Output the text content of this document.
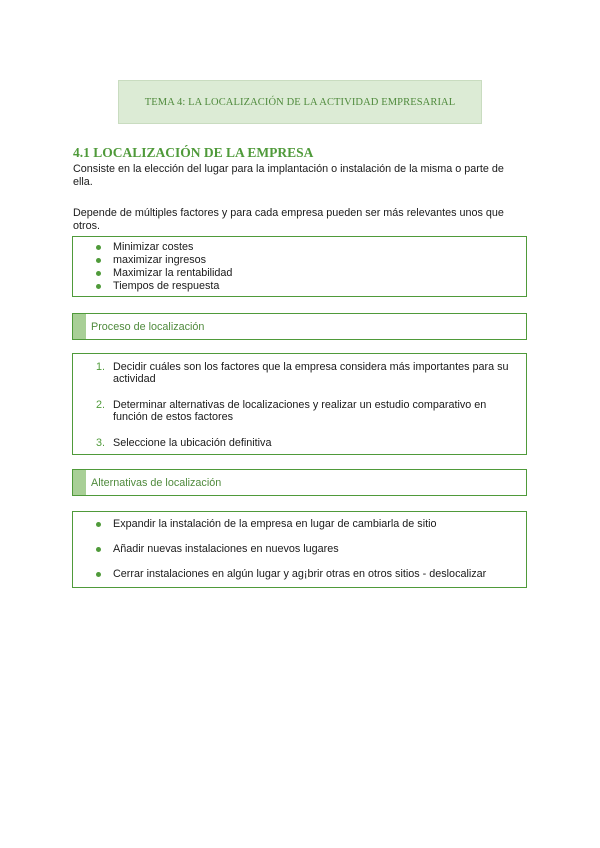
TEMA 4: LA LOCALIZACIÓN DE LA ACTIVIDAD EMPRESARIAL
4.1 LOCALIZACIÓN DE LA EMPRESA
Consiste en la elección del lugar para la implantación o instalación de la misma o parte de
ella.
Depende de múltiples factores y para cada empresa pueden ser más relevantes unos que
otros.
Minimizar costes
maximizar ingresos
Maximizar la rentabilidad
Tiempos de respuesta
Proceso de localización
1. Decidir cuáles son los factores que la empresa considera más importantes para su
actividad
2. Determinar alternativas de localizaciones y realizar un estudio comparativo en
función de estos factores
3. Seleccione la ubicación definitiva
Alternativas de localización
Expandir la instalación de la empresa en lugar de cambiarla de sitio
Añadir nuevas instalaciones en nuevos lugares
Cerrar instalaciones en algún lugar y ag¡brir otras en otros sitios - deslocalizar
